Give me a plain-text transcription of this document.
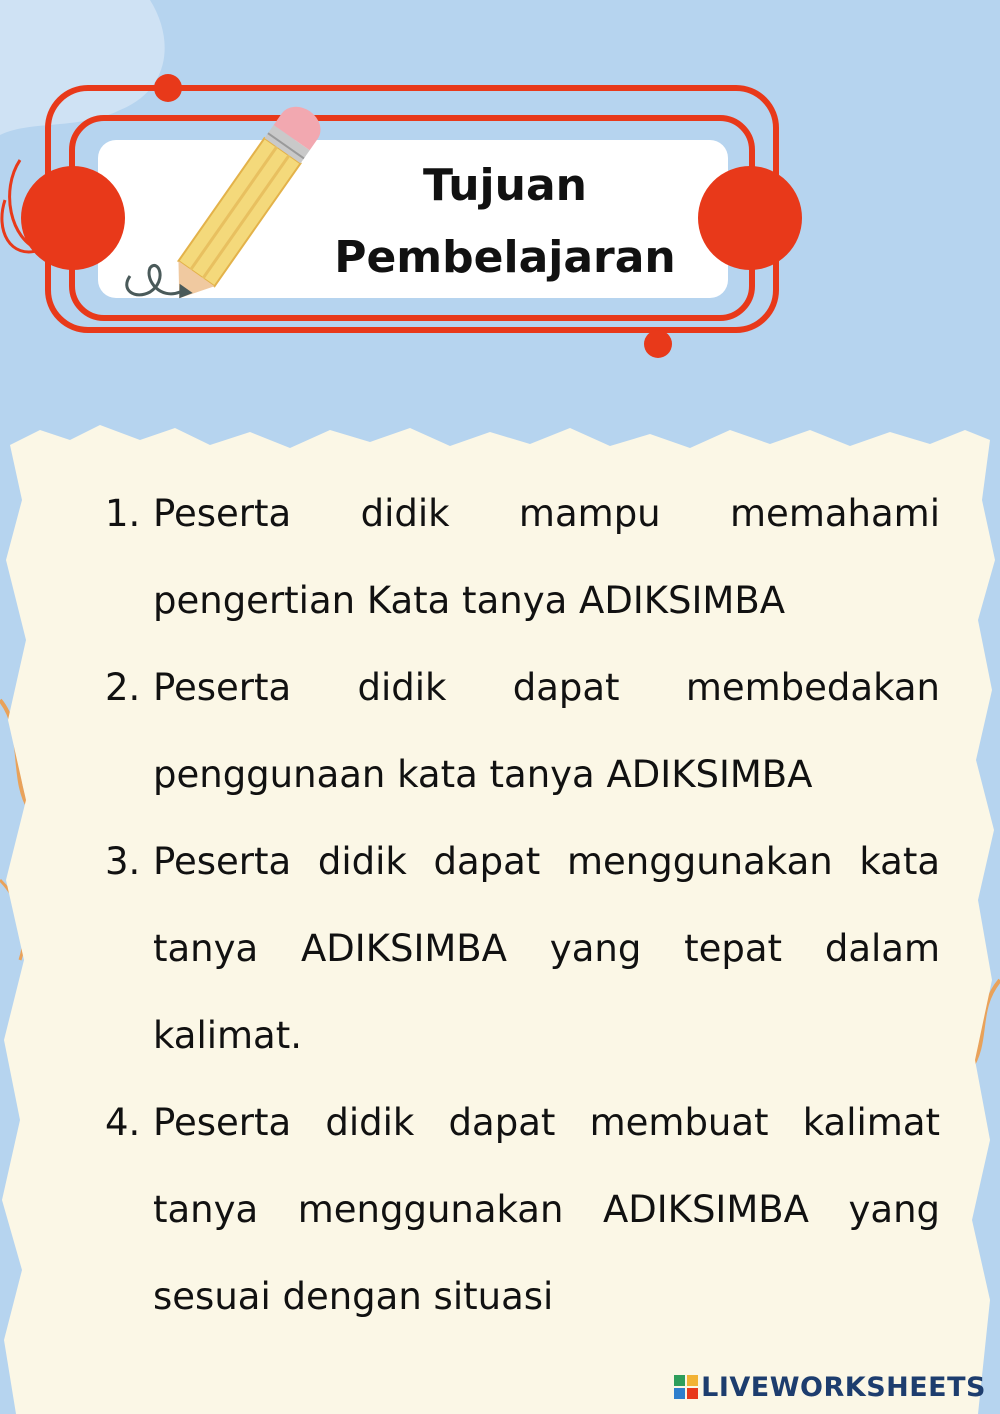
Tujuan
Pembelajaran
1. Peserta didik mampu memahami pengertian Kata tanya ADIKSIMBA
2. Peserta didik dapat membedakan penggunaan kata tanya ADIKSIMBA
3. Peserta didik dapat menggunakan kata tanya ADIKSIMBA yang tepat dalam kalimat.
4. Peserta didik dapat membuat kalimat tanya menggunakan ADIKSIMBA yang sesuai dengan situasi
LIVEWORKSHEETS
